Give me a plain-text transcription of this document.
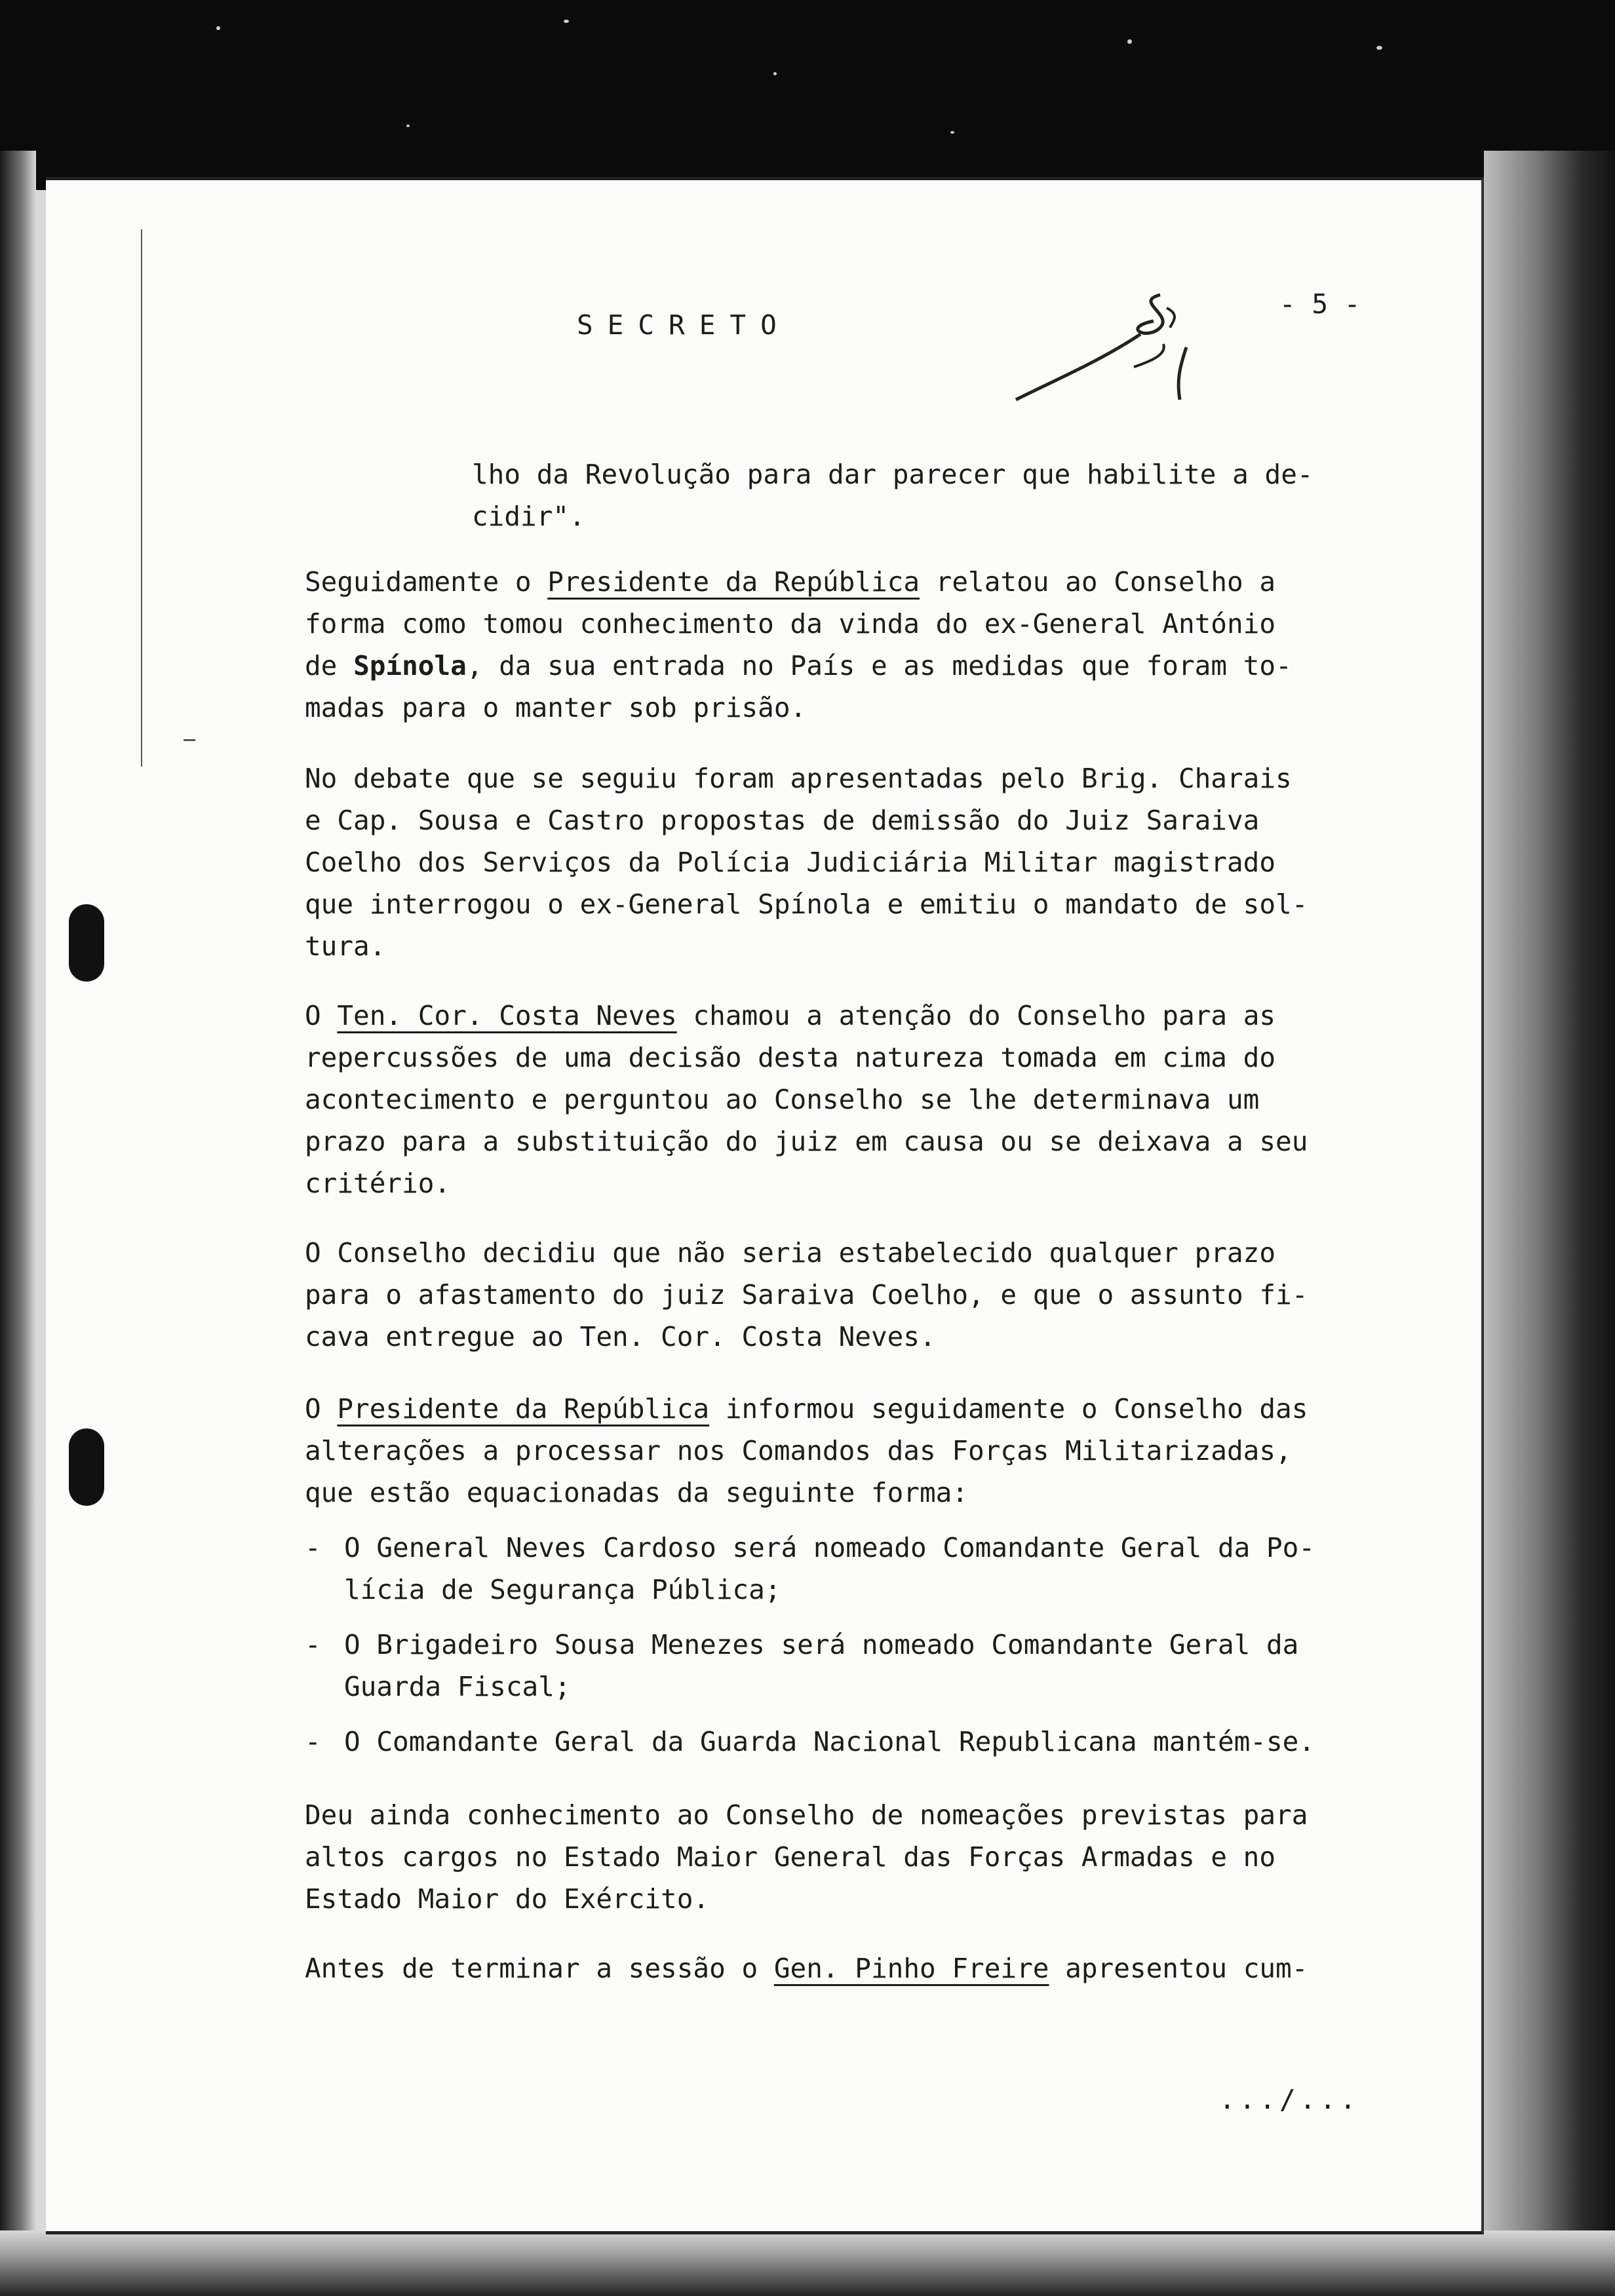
SECRETO
- 5 -
lho da Revolução para dar parecer que habilite a de-
cidir".
Seguidamente o Presidente da República relatou ao Conselho a
forma como tomou conhecimento da vinda do ex-General António
de Spínola, da sua entrada no País e as medidas que foram to-
madas para o manter sob prisão.
No debate que se seguiu foram apresentadas pelo Brig. Charais
e Cap. Sousa e Castro propostas de demissão do Juiz Saraiva
Coelho dos Serviços da Polícia Judiciária Militar magistrado
que interrogou o ex-General Spínola e emitiu o mandato de sol-
tura.
O Ten. Cor. Costa Neves chamou a atenção do Conselho para as
repercussões de uma decisão desta natureza tomada em cima do
acontecimento e perguntou ao Conselho se lhe determinava um
prazo para a substituição do juiz em causa ou se deixava a seu
critério.
O Conselho decidiu que não seria estabelecido qualquer prazo
para o afastamento do juiz Saraiva Coelho, e que o assunto fi-
cava entregue ao Ten. Cor. Costa Neves.
O Presidente da República informou seguidamente o Conselho das
alterações a processar nos Comandos das Forças Militarizadas,
que estão equacionadas da seguinte forma:
- O General Neves Cardoso será nomeado Comandante Geral da Po-
lícia de Segurança Pública;
- O Brigadeiro Sousa Menezes será nomeado Comandante Geral da
Guarda Fiscal;
- O Comandante Geral da Guarda Nacional Republicana mantém-se.
Deu ainda conhecimento ao Conselho de nomeações previstas para
altos cargos no Estado Maior General das Forças Armadas e no
Estado Maior do Exército.
Antes de terminar a sessão o Gen. Pinho Freire apresentou cum-
.../...
